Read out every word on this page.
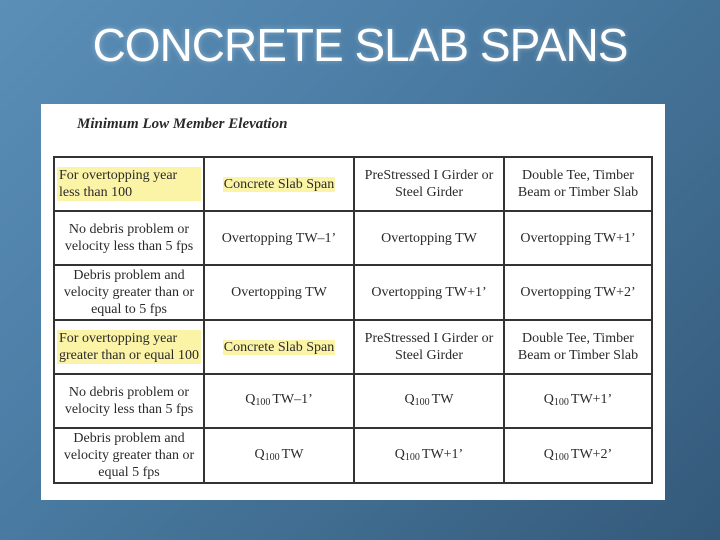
CONCRETE SLAB SPANS
Minimum Low Member Elevation
For overtopping year less than 100	Concrete Slab Span	PreStressed I Girder or Steel Girder	Double Tee, Timber Beam or Timber Slab
No debris problem or velocity less than 5 fps	Overtopping TW–1’	Overtopping TW	Overtopping TW+1’
Debris problem and velocity greater than or equal to 5 fps	Overtopping TW	Overtopping TW+1’	Overtopping TW+2’

For overtopping year greater than or equal 100	Concrete Slab Span	PreStressed I Girder or Steel Girder	Double Tee, Timber Beam or Timber Slab
No debris problem or velocity less than 5 fps	$Q_{100}$ TW–1’	$Q_{100}$ TW	$Q_{100}$ TW+1’
Debris problem and velocity greater than or equal 5 fps	$Q_{100}$ TW	$Q_{100}$ TW+1’	$Q_{100}$ TW+2’
